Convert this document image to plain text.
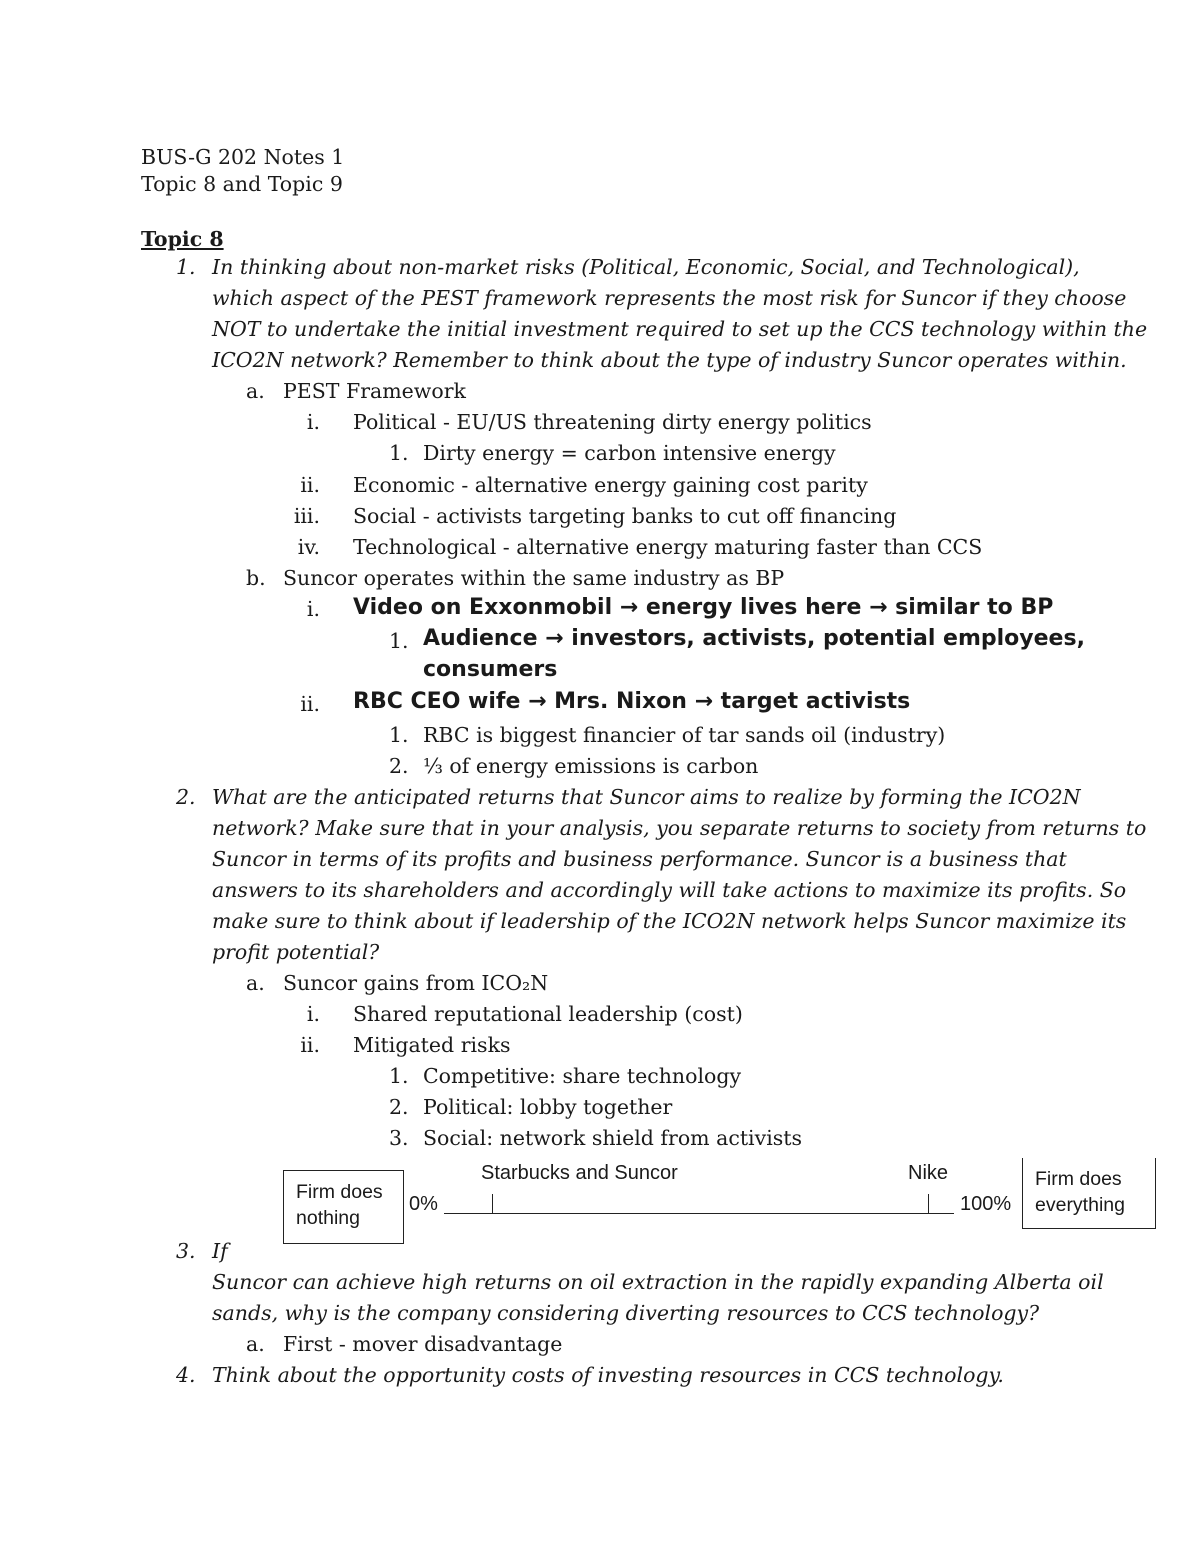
BUS-G 202 Notes 1
Topic 8 and Topic 9
Topic 8
1. In thinking about non-market risks (Political, Economic, Social, and Technological),
which aspect of the PEST framework represents the most risk for Suncor if they choose
NOT to undertake the initial investment required to set up the CCS technology within the
ICO2N network? Remember to think about the type of industry Suncor operates within.
a. PEST Framework
i. Political - EU/US threatening dirty energy politics
1. Dirty energy = carbon intensive energy
ii. Economic - alternative energy gaining cost parity
iii. Social - activists targeting banks to cut off financing
iv. Technological - alternative energy maturing faster than CCS
b. Suncor operates within the same industry as BP
i. Video on Exxonmobil → energy lives here → similar to BP
1. Audience → investors, activists, potential employees,
consumers
ii. RBC CEO wife → Mrs. Nixon → target activists
1. RBC is biggest financier of tar sands oil (industry)
2. ⅓ of energy emissions is carbon
2. What are the anticipated returns that Suncor aims to realize by forming the ICO2N
network? Make sure that in your analysis, you separate returns to society from returns to
Suncor in terms of its profits and business performance. Suncor is a business that
answers to its shareholders and accordingly will take actions to maximize its profits. So
make sure to think about if leadership of the ICO2N network helps Suncor maximize its
profit potential?
a. Suncor gains from ICO₂N
i. Shared reputational leadership (cost)
ii. Mitigated risks
1. Competitive: share technology
2. Political: lobby together
3. Social: network shield from activists
Firm does
nothing
Starbucks and Suncor	Nike
0%	100%
Firm does
everything
3. If
Suncor can achieve high returns on oil extraction in the rapidly expanding Alberta oil
sands, why is the company considering diverting resources to CCS technology?
a. First - mover disadvantage
4. Think about the opportunity costs of investing resources in CCS technology.
